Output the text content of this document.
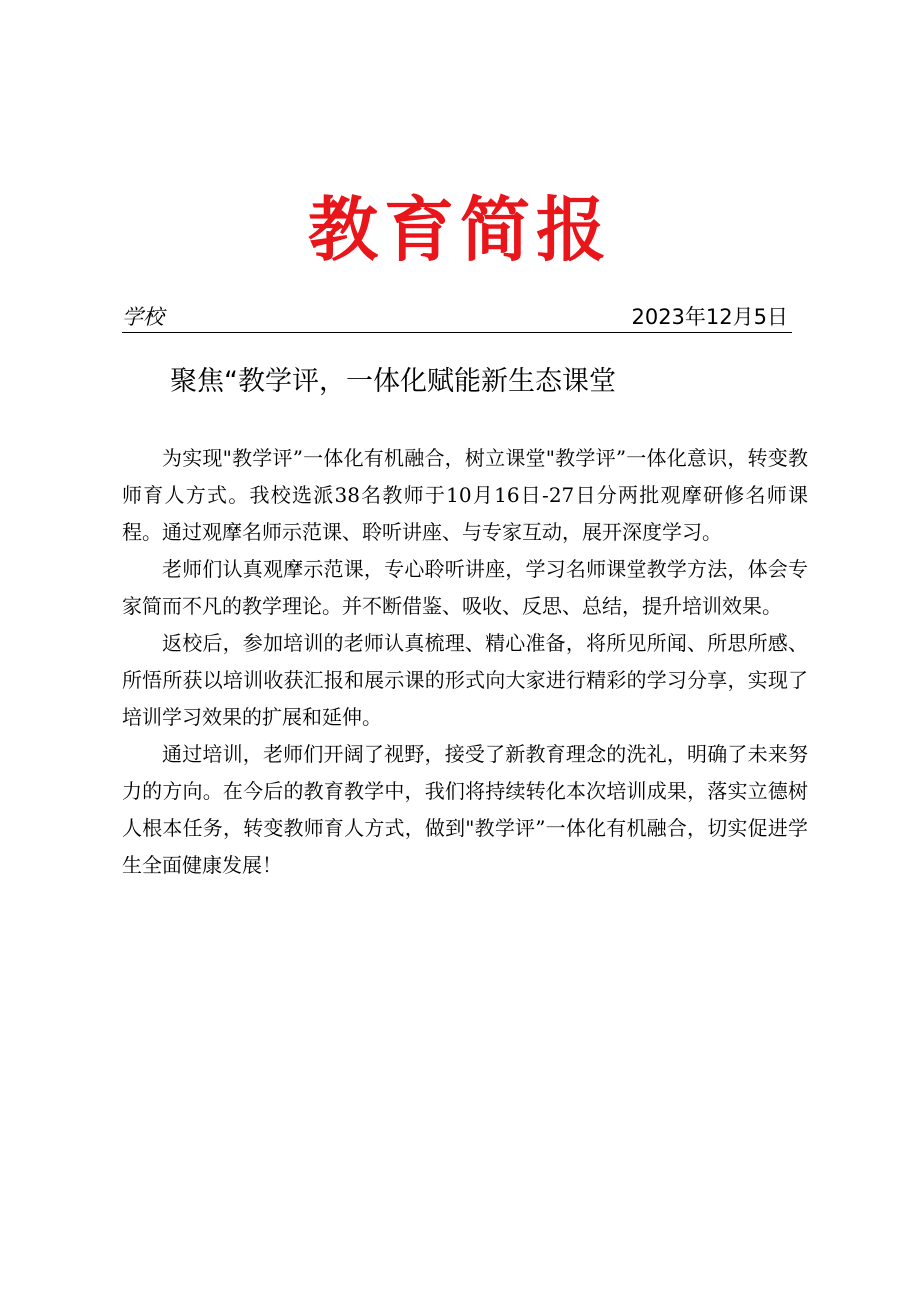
教育简报
学校	2023年12月5日
聚焦“教学评，一体化赋能新生态课堂

为实现"教学评”一体化有机融合，树立课堂"教学评”一体化意识，转变教师育人方式。我校选派38名教师于10月16日-27日分两批观摩研修名师课程。通过观摩名师示范课、聆听讲座、与专家互动，展开深度学习。

老师们认真观摩示范课，专心聆听讲座，学习名师课堂教学方法，体会专家简而不凡的教学理论。并不断借鉴、吸收、反思、总结，提升培训效果。

返校后，参加培训的老师认真梳理、精心准备，将所见所闻、所思所感、所悟所获以培训收获汇报和展示课的形式向大家进行精彩的学习分享，实现了培训学习效果的扩展和延伸。

通过培训，老师们开阔了视野，接受了新教育理念的洗礼，明确了未来努力的方向。在今后的教育教学中，我们将持续转化本次培训成果，落实立德树人根本任务，转变教师育人方式，做到"教学评”一体化有机融合，切实促进学生全面健康发展！
